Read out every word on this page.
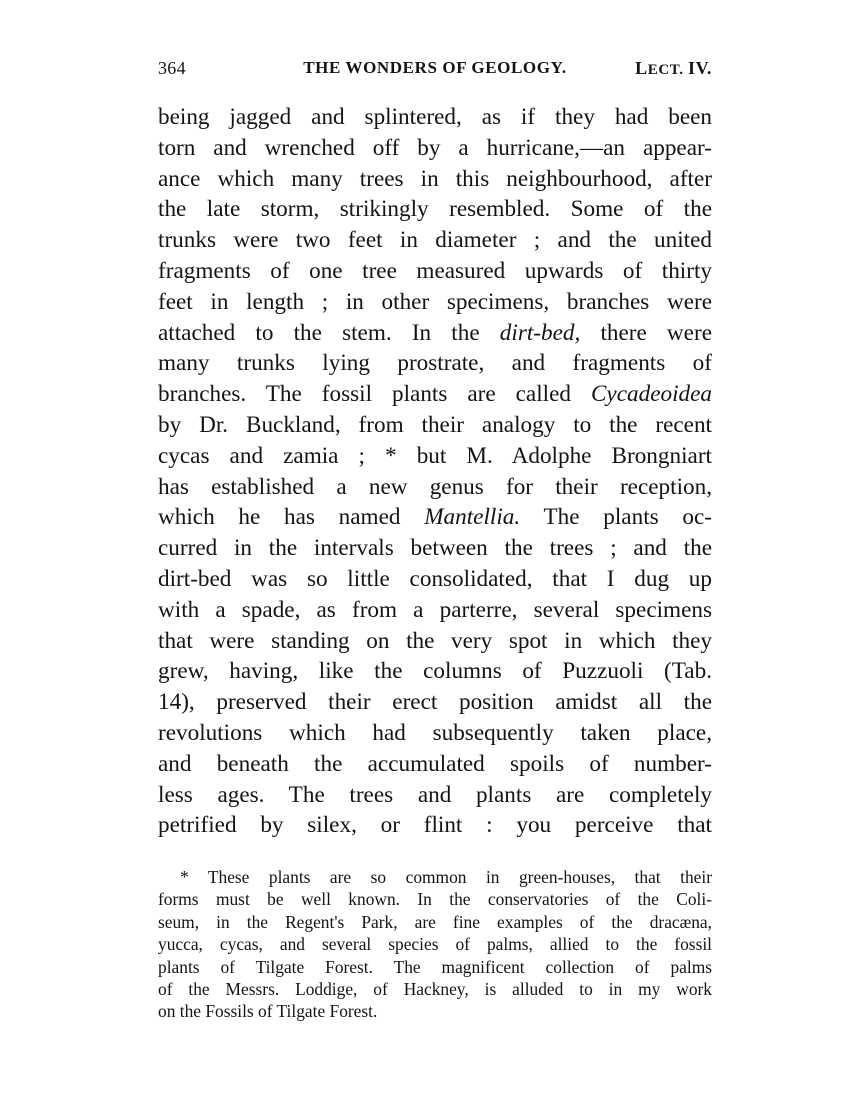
364	THE WONDERS OF GEOLOGY.	LECT. IV.
being jagged and splintered, as if they had been
torn and wrenched off by a hurricane,—an appear-
ance which many trees in this neighbourhood, after
the late storm, strikingly resembled. Some of the
trunks were two feet in diameter ; and the united
fragments of one tree measured upwards of thirty
feet in length ; in other specimens, branches were
attached to the stem. In the dirt-bed, there were
many trunks lying prostrate, and fragments of
branches. The fossil plants are called Cycadeoidea
by Dr. Buckland, from their analogy to the recent
cycas and zamia ; * but M. Adolphe Brongniart
has established a new genus for their reception,
which he has named Mantellia. The plants oc-
curred in the intervals between the trees ; and the
dirt-bed was so little consolidated, that I dug up
with a spade, as from a parterre, several specimens
that were standing on the very spot in which they
grew, having, like the columns of Puzzuoli (Tab.
14), preserved their erect position amidst all the
revolutions which had subsequently taken place,
and beneath the accumulated spoils of number-
less ages. The trees and plants are completely
petrified by silex, or flint : you perceive that
* These plants are so common in green-houses, that their
forms must be well known. In the conservatories of the Coli-
seum, in the Regent's Park, are fine examples of the dracæna,
yucca, cycas, and several species of palms, allied to the fossil
plants of Tilgate Forest. The magnificent collection of palms
of the Messrs. Loddige, of Hackney, is alluded to in my work
on the Fossils of Tilgate Forest.
